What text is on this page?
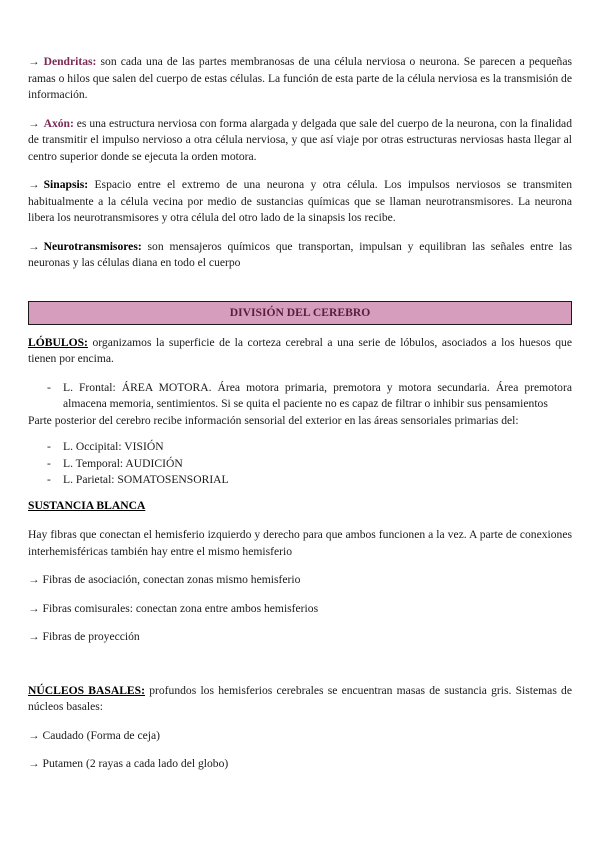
→ Dendritas: son cada una de las partes membranosas de una célula nerviosa o neurona. Se parecen a pequeñas ramas o hilos que salen del cuerpo de estas células. La función de esta parte de la célula nerviosa es la transmisión de información.

→ Axón: es una estructura nerviosa con forma alargada y delgada que sale del cuerpo de la neurona, con la finalidad de transmitir el impulso nervioso a otra célula nerviosa, y que así viaje por otras estructuras nerviosas hasta llegar al centro superior donde se ejecuta la orden motora.

→ Sinapsis: Espacio entre el extremo de una neurona y otra célula. Los impulsos nerviosos se transmiten habitualmente a la célula vecina por medio de sustancias químicas que se llaman neurotransmisores. La neurona libera los neurotransmisores y otra célula del otro lado de la sinapsis los recibe.

→ Neurotransmisores: son mensajeros químicos que transportan, impulsan y equilibran las señales entre las neuronas y las células diana en todo el cuerpo

DIVISIÓN DEL CEREBRO

LÓBULOS: organizamos la superficie de la corteza cerebral a una serie de lóbulos, asociados a los huesos que tienen por encima.

- L. Frontal: ÁREA MOTORA. Área motora primaria, premotora y motora secundaria. Área premotora almacena memoria, sentimientos. Si se quita el paciente no es capaz de filtrar o inhibir sus pensamientos

Parte posterior del cerebro recibe información sensorial del exterior en las áreas sensoriales primarias del:

- L. Occipital: VISIÓN
- L. Temporal: AUDICIÓN
- L. Parietal: SOMATOSENSORIAL

SUSTANCIA BLANCA

Hay fibras que conectan el hemisferio izquierdo y derecho para que ambos funcionen a la vez. A parte de conexiones interhemisféricas también hay entre el mismo hemisferio

→ Fibras de asociación, conectan zonas mismo hemisferio

→ Fibras comisurales: conectan zona entre ambos hemisferios

→ Fibras de proyección

NÚCLEOS BASALES: profundos los hemisferios cerebrales se encuentran masas de sustancia gris. Sistemas de núcleos basales:

→ Caudado (Forma de ceja)

→ Putamen (2 rayas a cada lado del globo)
